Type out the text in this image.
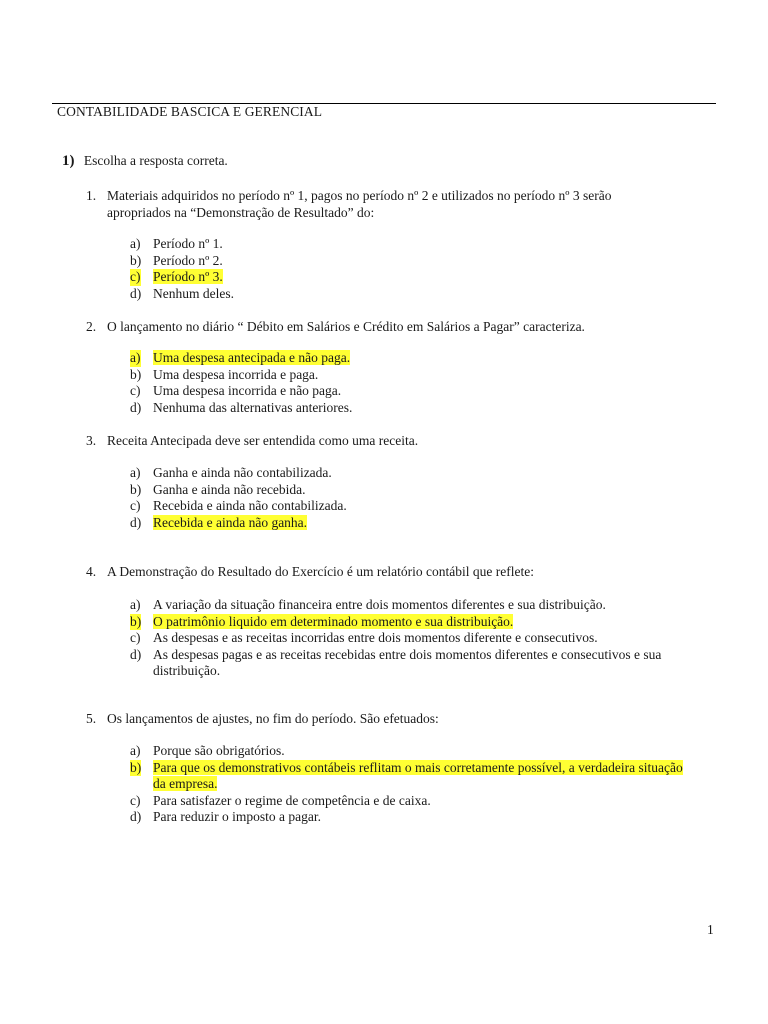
CONTABILIDADE BASCICA E GERENCIAL
1) Escolha a resposta correta.
1. Materiais adquiridos no período nº 1, pagos no período nº 2 e utilizados no período nº 3 serão apropriados na “Demonstração de Resultado” do:
a) Período nº 1.
b) Período nº 2.
c) Período nº 3.
d) Nenhum deles.
2. O lançamento no diário “ Débito em Salários e Crédito em Salários a Pagar” caracteriza.
a) Uma despesa antecipada e não paga.
b) Uma despesa incorrida e paga.
c) Uma despesa incorrida e não paga.
d) Nenhuma das alternativas anteriores.
3. Receita Antecipada deve ser entendida como uma receita.
a) Ganha e ainda não contabilizada.
b) Ganha e ainda não recebida.
c) Recebida e ainda não contabilizada.
d) Recebida e ainda não ganha.
4. A Demonstração do Resultado do Exercício é um relatório contábil que reflete:
a) A variação da situação financeira entre dois momentos diferentes e sua distribuição.
b) O patrimônio liquido em determinado momento e sua distribuição.
c) As despesas e as receitas incorridas entre dois momentos diferente e consecutivos.
d) As despesas pagas e as receitas recebidas entre dois momentos diferentes e consecutivos e sua distribuição.
5. Os lançamentos de ajustes, no fim do período. São efetuados:
a) Porque são obrigatórios.
b) Para que os demonstrativos contábeis reflitam o mais corretamente possível, a verdadeira situação da empresa.
c) Para satisfazer o regime de competência e de caixa.
d) Para reduzir o imposto a pagar.
1
